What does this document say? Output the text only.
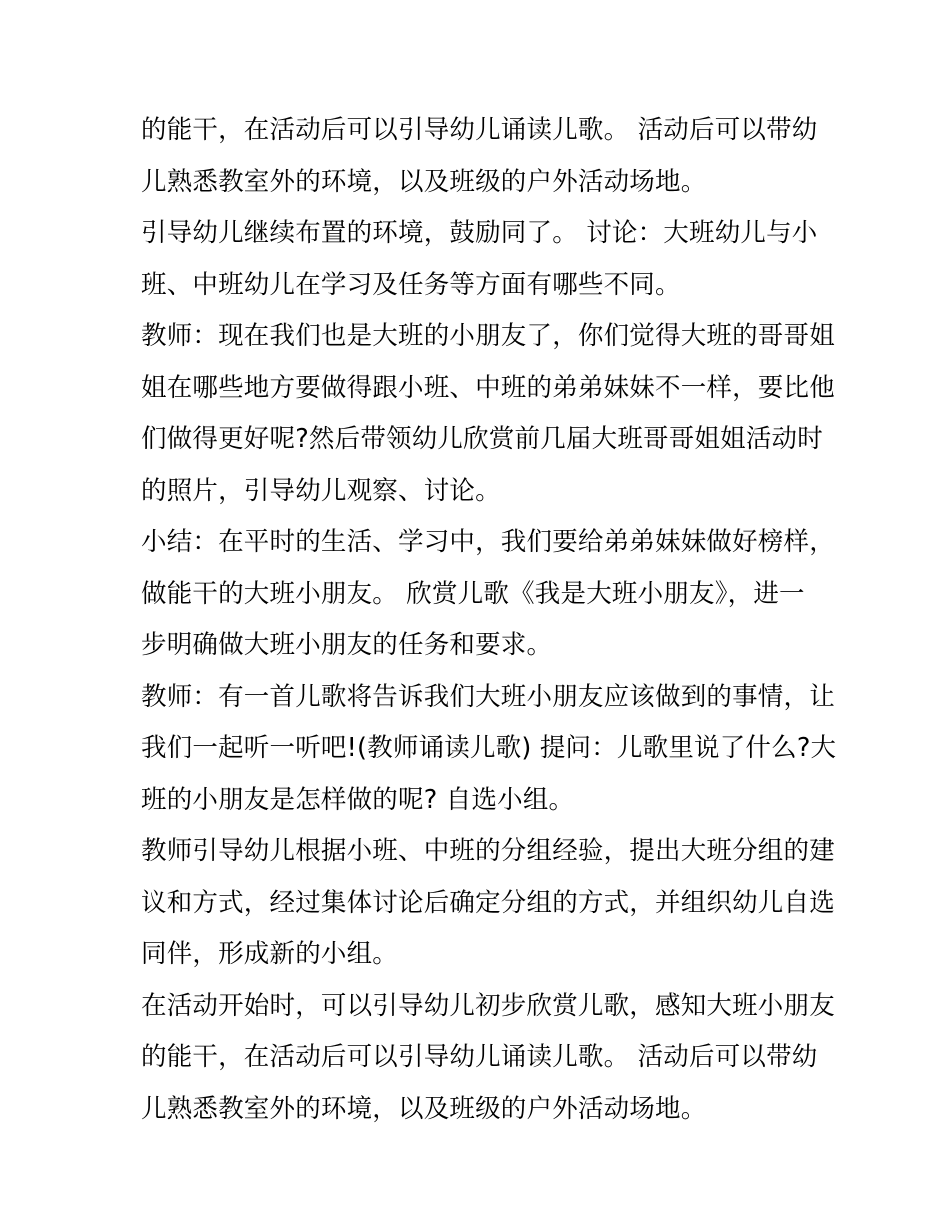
的能干，在活动后可以引导幼儿诵读儿歌。 活动后可以带幼
儿熟悉教室外的环境，以及班级的户外活动场地。
引导幼儿继续布置的环境，鼓励同了。 讨论：大班幼儿与小
班、中班幼儿在学习及任务等方面有哪些不同。
教师：现在我们也是大班的小朋友了，你们觉得大班的哥哥姐
姐在哪些地方要做得跟小班、中班的弟弟妹妹不一样，要比他
们做得更好呢?然后带领幼儿欣赏前几届大班哥哥姐姐活动时
的照片，引导幼儿观察、讨论。
小结：在平时的生活、学习中，我们要给弟弟妹妹做好榜样，
做能干的大班小朋友。 欣赏儿歌《我是大班小朋友》，进一
步明确做大班小朋友的任务和要求。
教师：有一首儿歌将告诉我们大班小朋友应该做到的事情，让
我们一起听一听吧!(教师诵读儿歌) 提问：儿歌里说了什么?大
班的小朋友是怎样做的呢? 自选小组。
教师引导幼儿根据小班、中班的分组经验，提出大班分组的建
议和方式，经过集体讨论后确定分组的方式，并组织幼儿自选
同伴，形成新的小组。
在活动开始时，可以引导幼儿初步欣赏儿歌，感知大班小朋友
的能干，在活动后可以引导幼儿诵读儿歌。 活动后可以带幼
儿熟悉教室外的环境，以及班级的户外活动场地。
